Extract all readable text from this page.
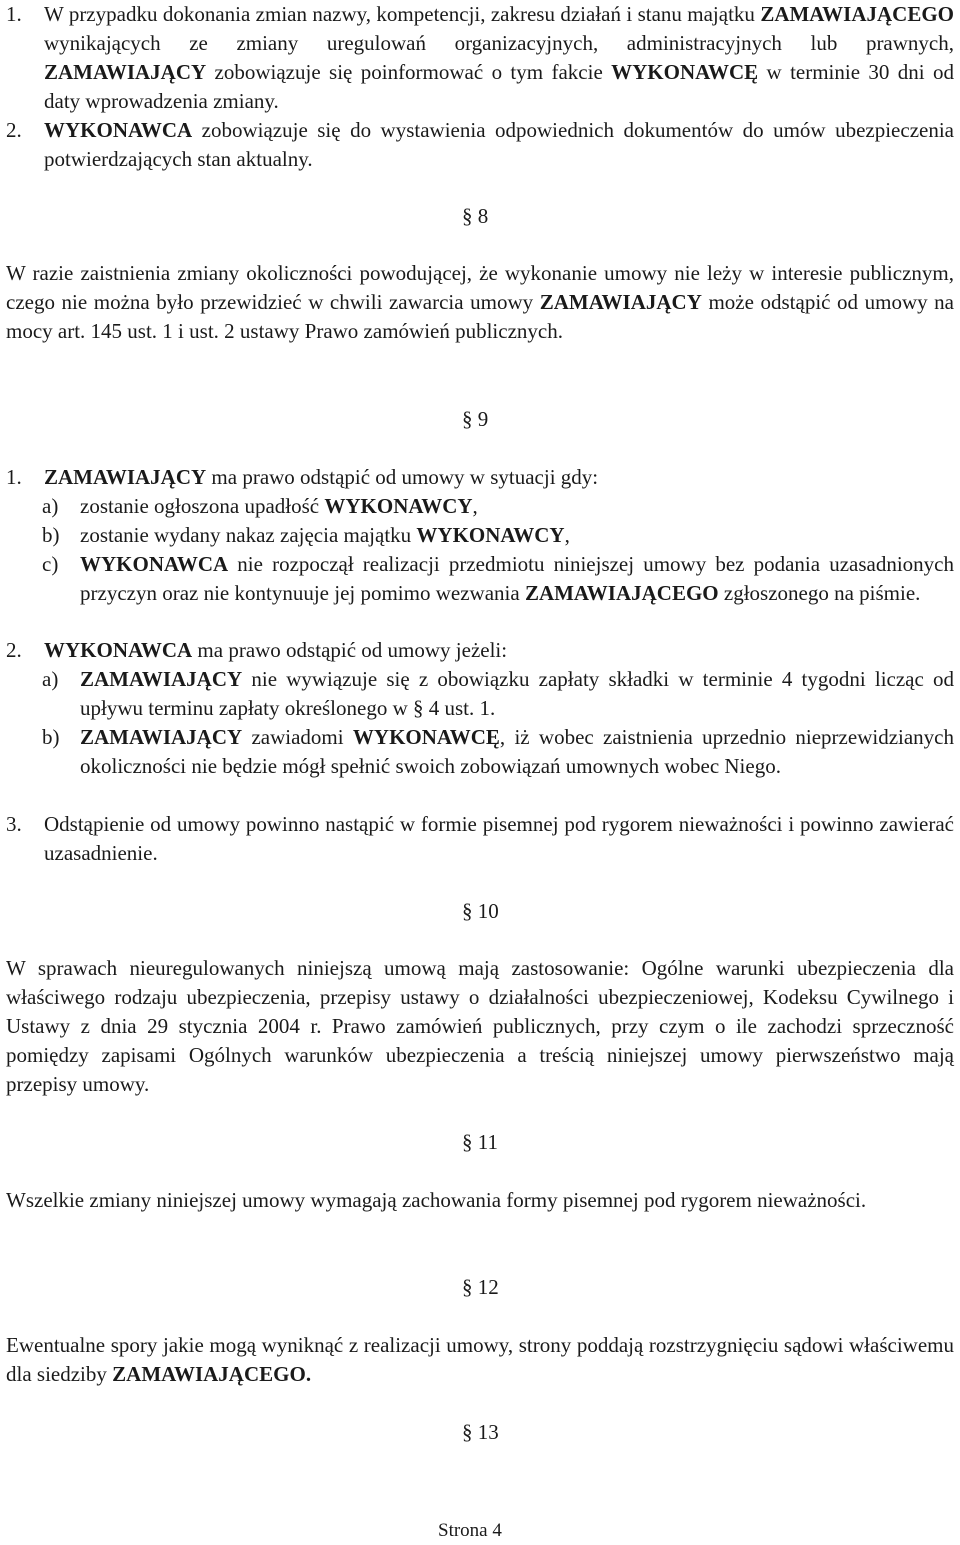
1. W przypadku dokonania zmian nazwy, kompetencji, zakresu działań i stanu majątku ZAMAWIAJĄCEGO wynikających ze zmiany uregulowań organizacyjnych, administracyjnych lub prawnych, ZAMAWIAJĄCY zobowiązuje się poinformować o tym fakcie WYKONAWCĘ w terminie 30 dni od daty wprowadzenia zmiany.

2. WYKONAWCA zobowiązuje się do wystawienia odpowiednich dokumentów do umów ubezpieczenia potwierdzających stan aktualny.

§ 8

W razie zaistnienia zmiany okoliczności powodującej, że wykonanie umowy nie leży w interesie publicznym, czego nie można było przewidzieć w chwili zawarcia umowy ZAMAWIAJĄCY może odstąpić od umowy na mocy art. 145 ust. 1 i ust. 2 ustawy Prawo zamówień publicznych.

§ 9
1. ZAMAWIAJĄCY ma prawo odstąpić od umowy w sytuacji gdy:

a) zostanie ogłoszona upadłość WYKONAWCY,

b) zostanie wydany nakaz zajęcia majątku WYKONAWCY,

c) WYKONAWCA nie rozpoczął realizacji przedmiotu niniejszej umowy bez podania uzasadnionych przyczyn oraz nie kontynuuje jej pomimo wezwania ZAMAWIAJĄCEGO zgłoszonego na piśmie.

2. WYKONAWCA ma prawo odstąpić od umowy jeżeli:

a) ZAMAWIAJĄCY nie wywiązuje się z obowiązku zapłaty składki w terminie 4 tygodni licząc od upływu terminu zapłaty określonego w § 4 ust. 1.

b) ZAMAWIAJĄCY zawiadomi WYKONAWCĘ, iż wobec zaistnienia uprzednio nieprzewidzianych okoliczności nie będzie mógł spełnić swoich zobowiązań umownych wobec Niego.

3. Odstąpienie od umowy powinno nastąpić w formie pisemnej pod rygorem nieważności i powinno zawierać uzasadnienie.

§ 10

W sprawach nieuregulowanych niniejszą umową mają zastosowanie: Ogólne warunki ubezpieczenia dla właściwego rodzaju ubezpieczenia, przepisy ustawy o działalności ubezpieczeniowej, Kodeksu Cywilnego i Ustawy z dnia 29 stycznia 2004 r. Prawo zamówień publicznych, przy czym o ile zachodzi sprzeczność pomiędzy zapisami Ogólnych warunków ubezpieczenia a treścią niniejszej umowy pierwszeństwo mają przepisy umowy.

§ 11

Wszelkie zmiany niniejszej umowy wymagają zachowania formy pisemnej pod rygorem nieważności.

§ 12

Ewentualne spory jakie mogą wyniknąć z realizacji umowy, strony poddają rozstrzygnięciu sądowi właściwemu dla siedziby ZAMAWIAJĄCEGO.

§ 13
Strona 4
